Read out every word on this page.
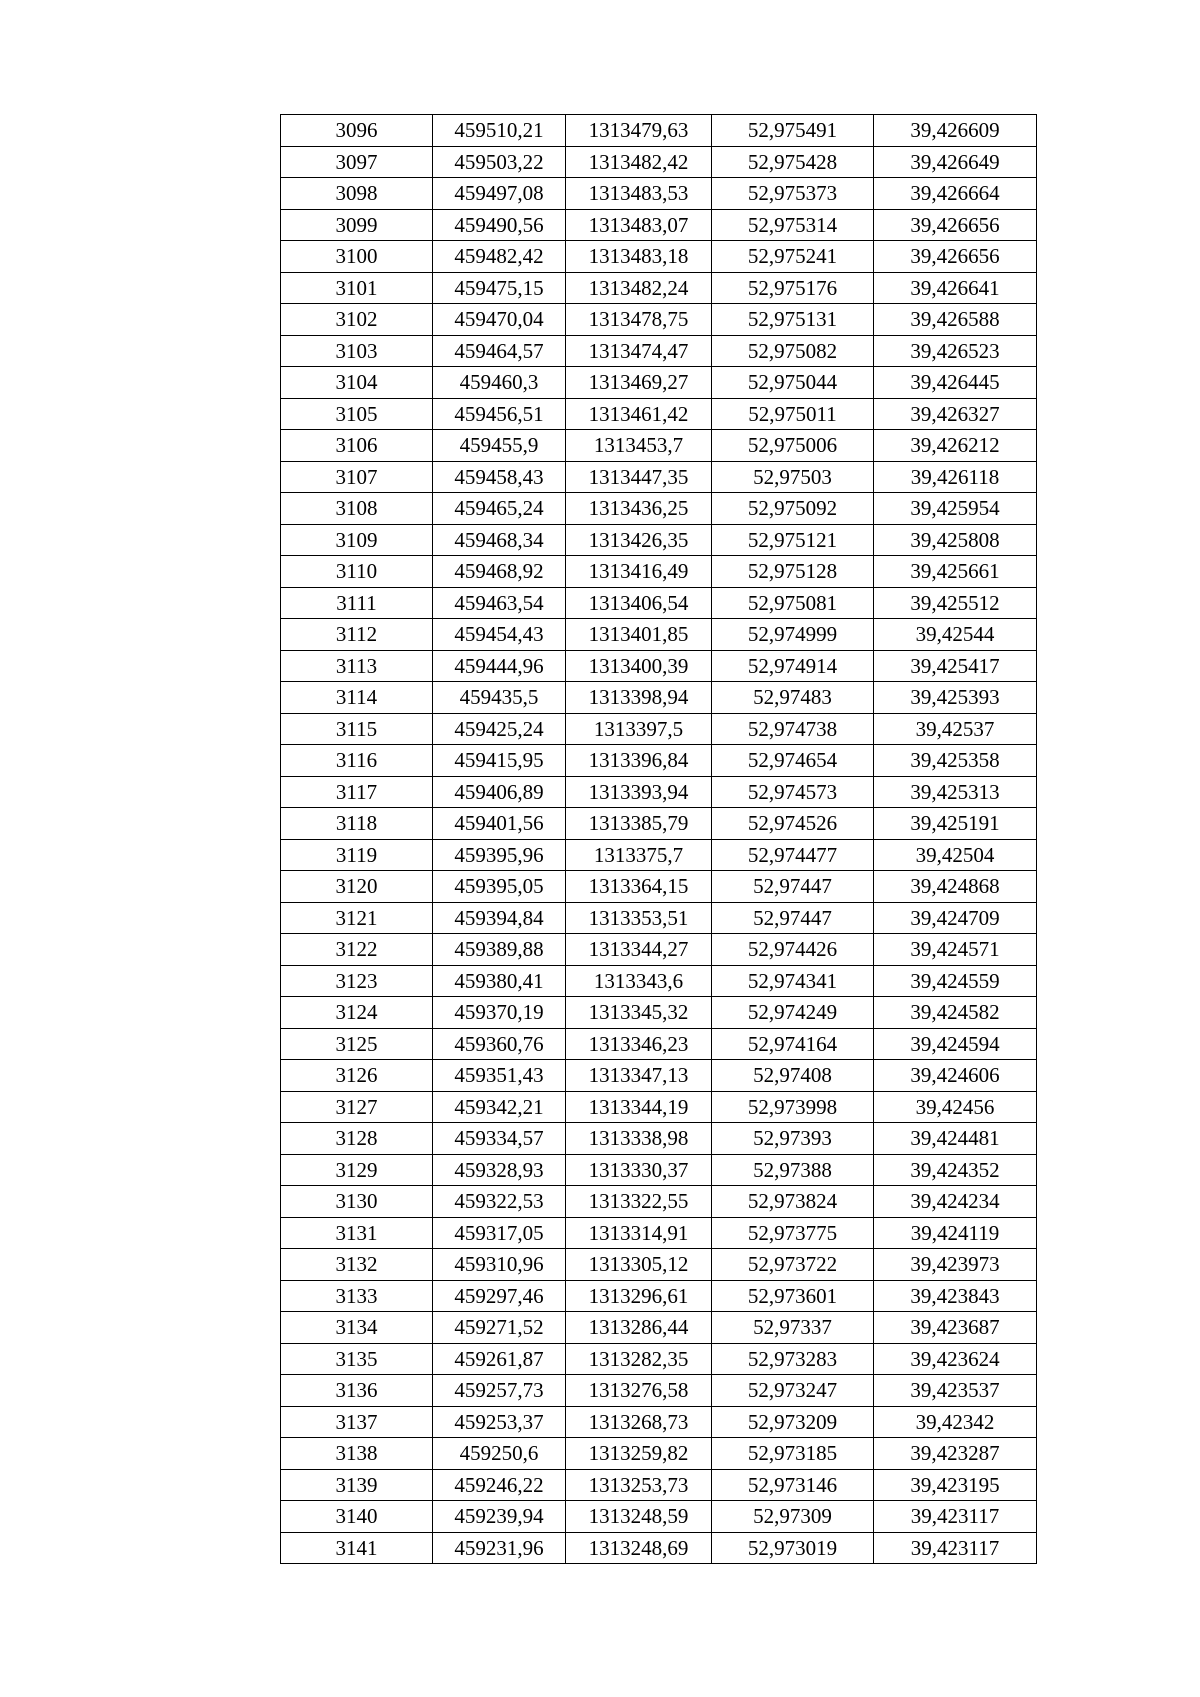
3096	459510,21	1313479,63	52,975491	39,426609
3097	459503,22	1313482,42	52,975428	39,426649
3098	459497,08	1313483,53	52,975373	39,426664
3099	459490,56	1313483,07	52,975314	39,426656
3100	459482,42	1313483,18	52,975241	39,426656
3101	459475,15	1313482,24	52,975176	39,426641
3102	459470,04	1313478,75	52,975131	39,426588
3103	459464,57	1313474,47	52,975082	39,426523
3104	459460,3	1313469,27	52,975044	39,426445
3105	459456,51	1313461,42	52,975011	39,426327
3106	459455,9	1313453,7	52,975006	39,426212
3107	459458,43	1313447,35	52,97503	39,426118
3108	459465,24	1313436,25	52,975092	39,425954
3109	459468,34	1313426,35	52,975121	39,425808
3110	459468,92	1313416,49	52,975128	39,425661
3111	459463,54	1313406,54	52,975081	39,425512
3112	459454,43	1313401,85	52,974999	39,42544
3113	459444,96	1313400,39	52,974914	39,425417
3114	459435,5	1313398,94	52,97483	39,425393
3115	459425,24	1313397,5	52,974738	39,42537
3116	459415,95	1313396,84	52,974654	39,425358
3117	459406,89	1313393,94	52,974573	39,425313
3118	459401,56	1313385,79	52,974526	39,425191
3119	459395,96	1313375,7	52,974477	39,42504
3120	459395,05	1313364,15	52,97447	39,424868
3121	459394,84	1313353,51	52,97447	39,424709
3122	459389,88	1313344,27	52,974426	39,424571
3123	459380,41	1313343,6	52,974341	39,424559
3124	459370,19	1313345,32	52,974249	39,424582
3125	459360,76	1313346,23	52,974164	39,424594
3126	459351,43	1313347,13	52,97408	39,424606
3127	459342,21	1313344,19	52,973998	39,42456
3128	459334,57	1313338,98	52,97393	39,424481
3129	459328,93	1313330,37	52,97388	39,424352
3130	459322,53	1313322,55	52,973824	39,424234
3131	459317,05	1313314,91	52,973775	39,424119
3132	459310,96	1313305,12	52,973722	39,423973
3133	459297,46	1313296,61	52,973601	39,423843
3134	459271,52	1313286,44	52,97337	39,423687
3135	459261,87	1313282,35	52,973283	39,423624
3136	459257,73	1313276,58	52,973247	39,423537
3137	459253,37	1313268,73	52,973209	39,42342
3138	459250,6	1313259,82	52,973185	39,423287
3139	459246,22	1313253,73	52,973146	39,423195
3140	459239,94	1313248,59	52,97309	39,423117
3141	459231,96	1313248,69	52,973019	39,423117
